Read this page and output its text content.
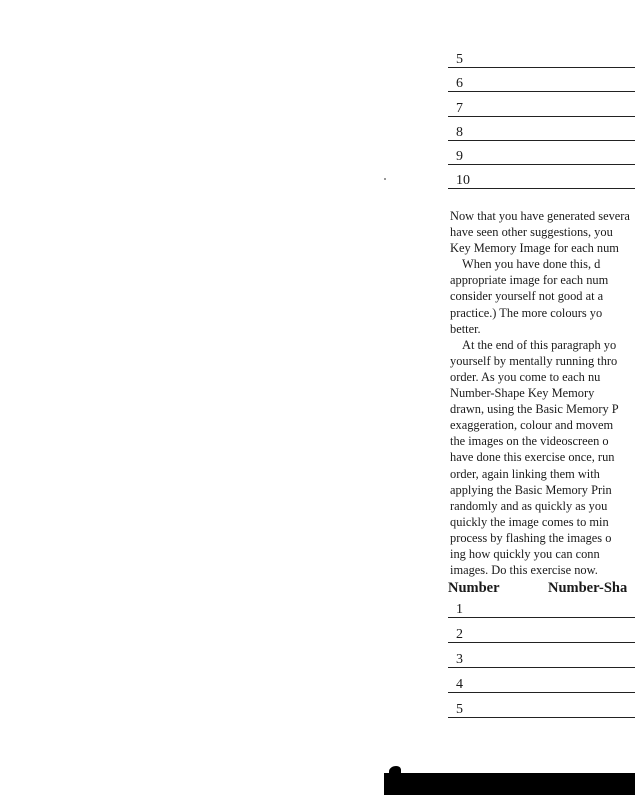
5
6
7
8
9
10
Now that you have generated severa
have seen other suggestions, you
Key Memory Image for each num
When you have done this, d
appropriate image for each num
consider yourself not good at a
practice.) The more colours yo
better.
At the end of this paragraph yo
yourself by mentally running thro
order. As you come to each nu
Number-Shape Key Memory
drawn, using the Basic Memory P
exaggeration, colour and movem
the images on the videoscreen o
have done this exercise once, run
order, again linking them with
applying the Basic Memory Prin
randomly and as quickly as you
quickly the image comes to min
process by flashing the images o
ing how quickly you can conn
images. Do this exercise now.
Number	Number-Sha
1
2
3
4
5
